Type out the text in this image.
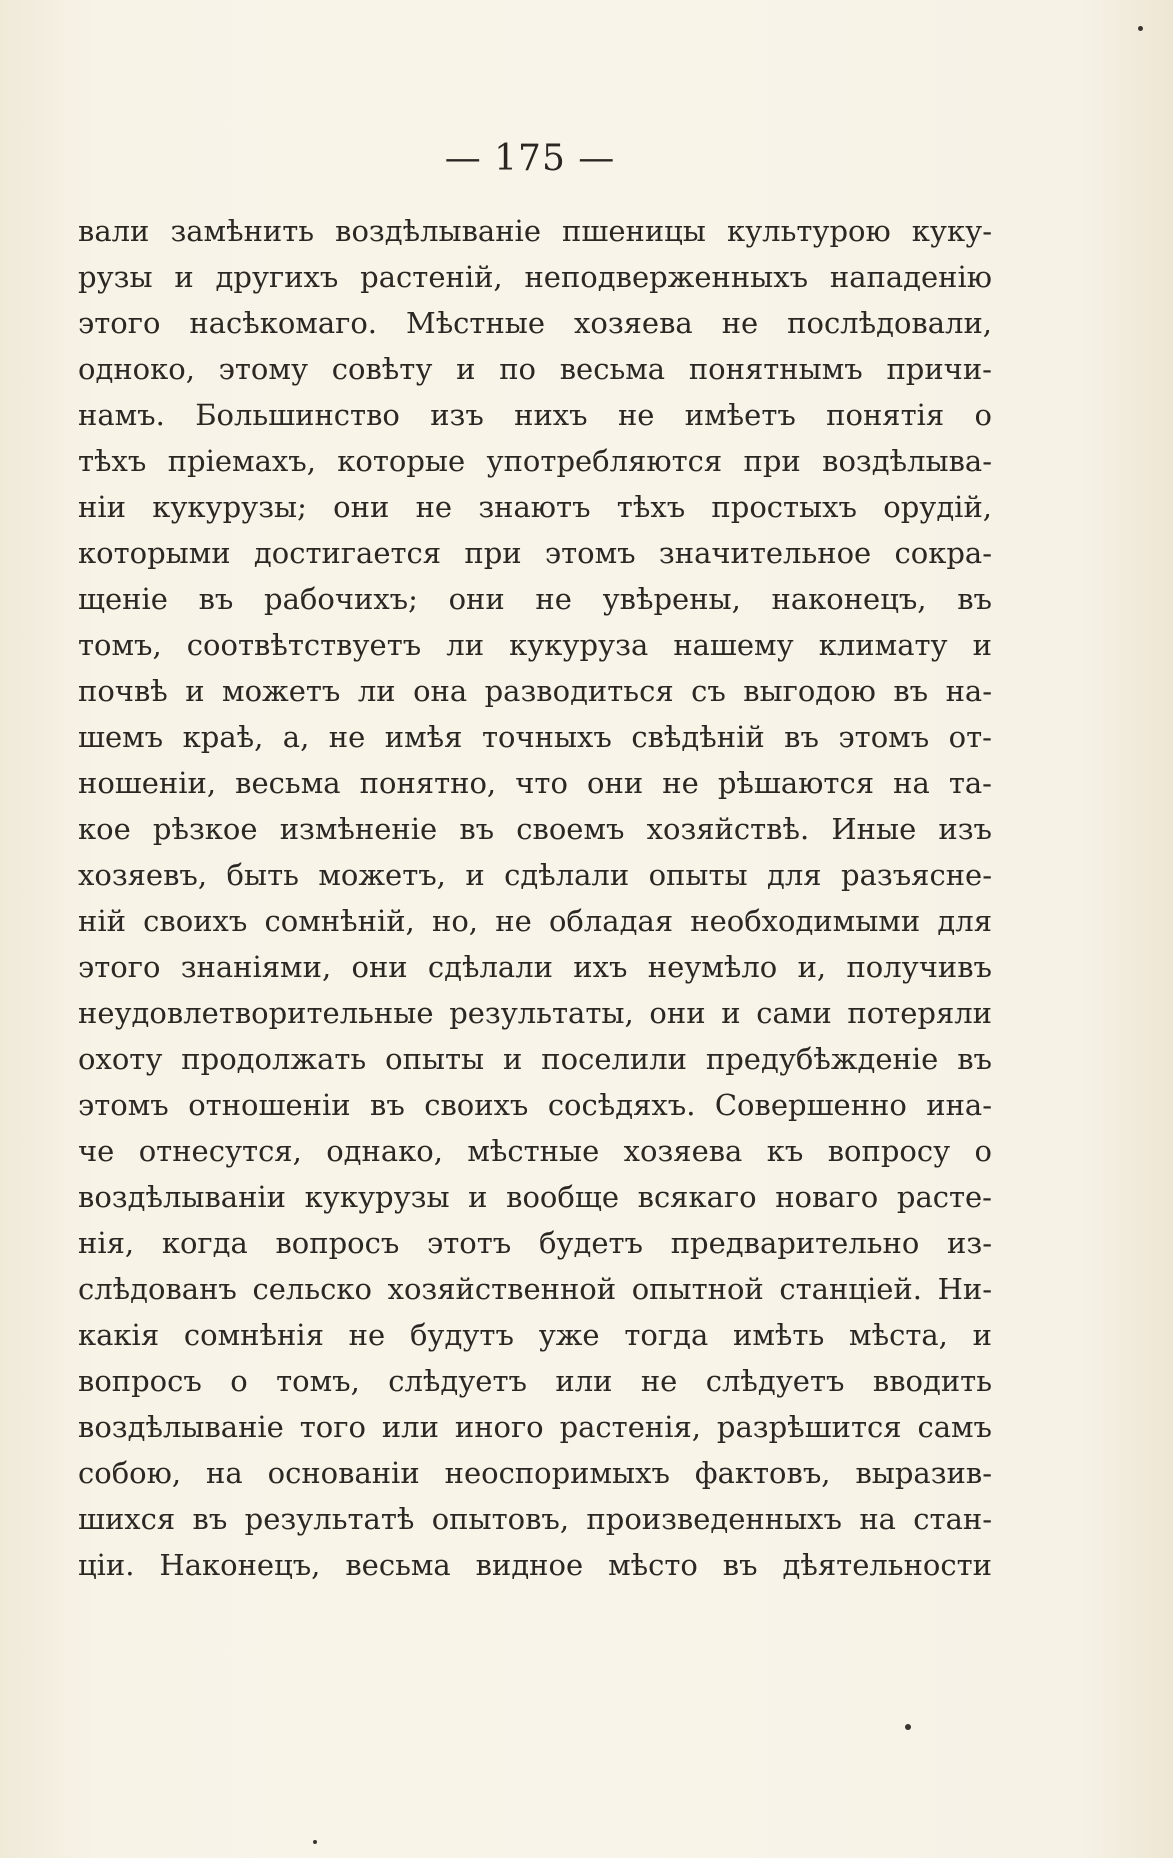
— 175 —
вали замѣнить воздѣлываніе пшеницы культурою куку-
рузы и другихъ растеній, неподверженныхъ нападенію
этого насѣкомаго. Мѣстные хозяева не послѣдовали,
одноко, этому совѣту и по весьма понятнымъ причи-
намъ. Большинство изъ нихъ не имѣетъ понятія о
тѣхъ пріемахъ, которые употребляются при воздѣлыва-
ніи кукурузы; они не знаютъ тѣхъ простыхъ орудій,
которыми достигается при этомъ значительное сокра-
щеніе въ рабочихъ; они не увѣрены, наконецъ, въ
томъ, соотвѣтствуетъ ли кукуруза нашему климату и
почвѣ и можетъ ли она разводиться съ выгодою въ на-
шемъ краѣ, а, не имѣя точныхъ свѣдѣній въ этомъ от-
ношеніи, весьма понятно, что они не рѣшаются на та-
кое рѣзкое измѣненіе въ своемъ хозяйствѣ. Иные изъ
хозяевъ, быть можетъ, и сдѣлали опыты для разъясне-
ній своихъ сомнѣній, но, не обладая необходимыми для
этого знаніями, они сдѣлали ихъ неумѣло и, получивъ
неудовлетворительные результаты, они и сами потеряли
охоту продолжать опыты и поселили предубѣжденіе въ
этомъ отношеніи въ своихъ сосѣдяхъ. Совершенно ина-
че отнесутся, однако, мѣстные хозяева къ вопросу о
воздѣлываніи кукурузы и вообще всякаго новаго расте-
нія, когда вопросъ этотъ будетъ предварительно из-
слѣдованъ сельско хозяйственной опытной станціей. Ни-
какія сомнѣнія не будутъ уже тогда имѣть мѣста, и
вопросъ о томъ, слѣдуетъ или не слѣдуетъ вводить
воздѣлываніе того или иного растенія, разрѣшится самъ
собою, на основаніи неоспоримыхъ фактовъ, выразив-
шихся въ результатѣ опытовъ, произведенныхъ на стан-
ціи. Наконецъ, весьма видное мѣсто въ дѣятельности
